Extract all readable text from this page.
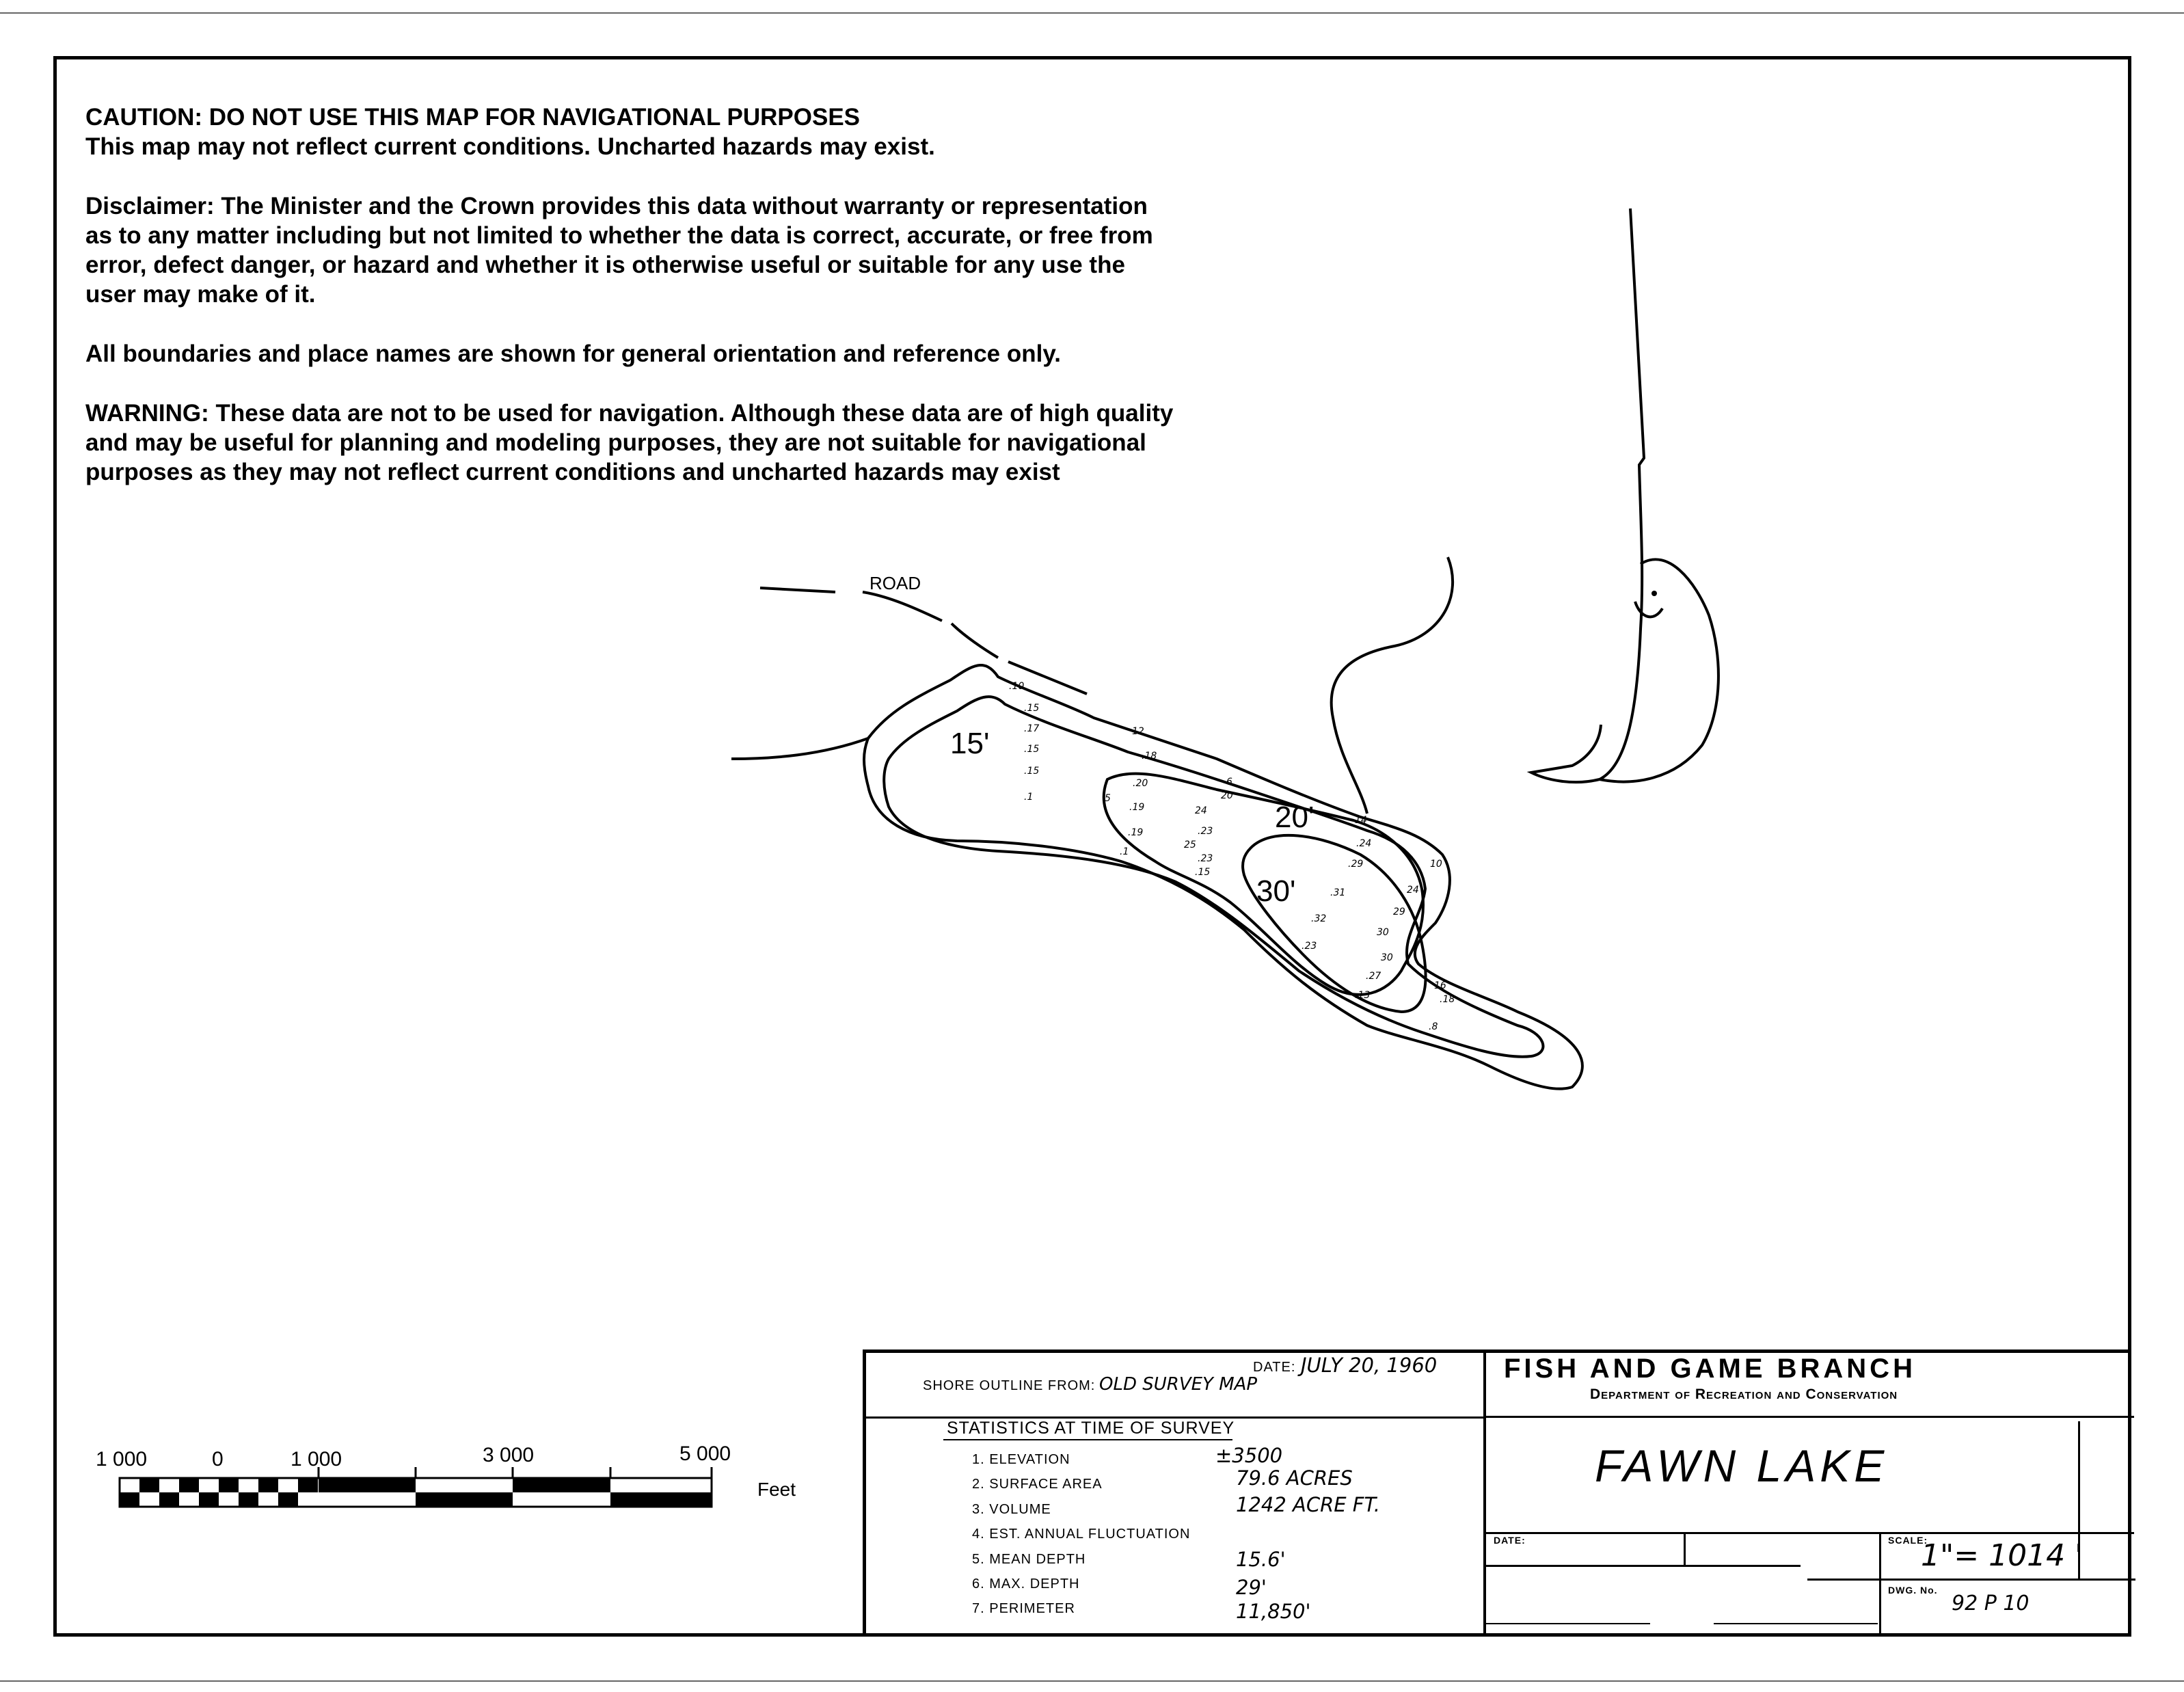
CAUTION: DO NOT USE THIS MAP FOR NAVIGATIONAL PURPOSES
This map may not reflect current conditions. Uncharted hazards may exist.

Disclaimer: The Minister and the Crown provides this data without warranty or representation as to any matter including but not limited to whether the data is correct, accurate, or free from error, defect danger, or hazard and whether it is otherwise useful or suitable for any use the user may make of it.

All boundaries and place names are shown for general orientation and reference only.

WARNING: These data are not to be used for navigation. Although these data are of high quality and may be useful for planning and modeling purposes, they are not suitable for navigational purposes as they may not reflect current conditions and uncharted hazards may exist

ROAD
15'
20'
30'
.10
.15
.17
.15
.15
.1
12
.18
.20
5
.19
.19
24
.23
25
.23
.1
.15
6
20
14
.24
.29	10
24
.31
29
.32
30
.23
30
.27
.13
16
.18
.8
1 000	0	1 000	3 000	5 000
Feet
DATE: JULY 20, 1960
SHORE OUTLINE FROM: OLD SURVEY MAP
STATISTICS AT TIME OF SURVEY
1. ELEVATION	±3500
2. SURFACE AREA	79.6 ACRES
3. VOLUME	1242 ACRE FT.
4. EST. ANNUAL FLUCTUATION
5. MEAN DEPTH	15.6'
6. MAX. DEPTH	29'
7. PERIMETER	11,850'
FISH AND GAME BRANCH
Department of Recreation and Conservation
FAWN LAKE
DATE:	SCALE:
1"= 1014 '
DWG. No.
92 P 10
